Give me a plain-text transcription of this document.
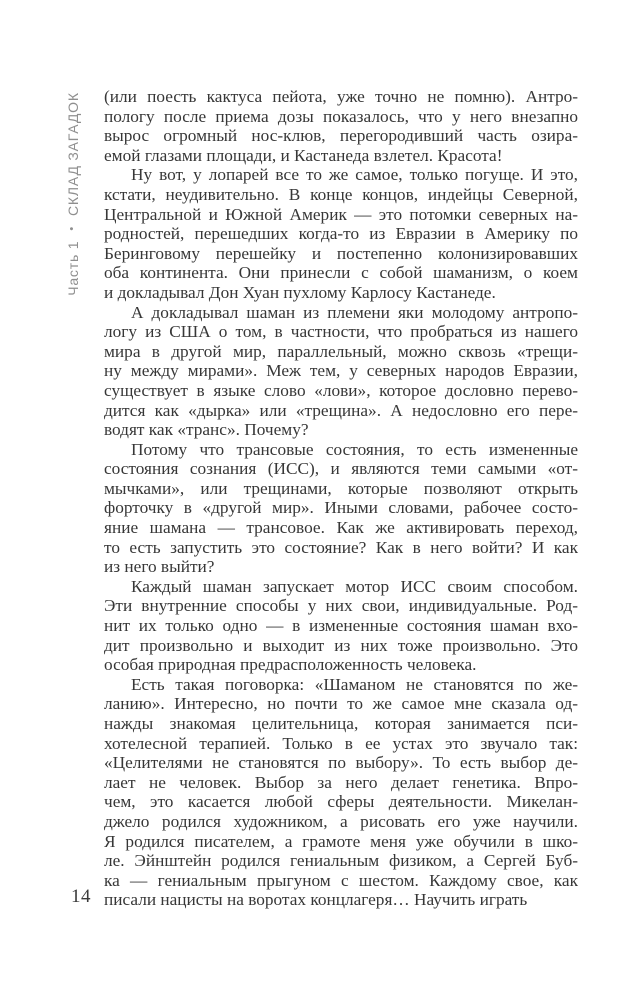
Часть 1
•
СКЛАД ЗАГАДОК
14

(или поесть кактуса пейота, уже точно не помню). Антро-
пологу после приема дозы показалось, что у него внезапно
вырос огромный нос-клюв, перегородивший часть озира-
емой глазами площади, и Кастанеда взлетел. Красота!

Ну вот, у лопарей все то же самое, только погуще. И это,
кстати, неудивительно. В конце концов, индейцы Северной,
Центральной и Южной Америк — это потомки северных на-
родностей, перешедших когда-то из Евразии в Америку по
Беринговому перешейку и постепенно колонизировавших
оба континента. Они принесли с собой шаманизм, о коем
и докладывал Дон Хуан пухлому Карлосу Кастанеде.

А докладывал шаман из племени яки молодому антропо-
логу из США о том, в частности, что пробраться из нашего
мира в другой мир, параллельный, можно сквозь «трещи-
ну между мирами». Меж тем, у северных народов Евразии,
существует в языке слово «лови», которое дословно перево-
дится как «дырка» или «трещина». А недословно его пере-
водят как «транс». Почему?

Потому что трансовые состояния, то есть измененные
состояния сознания (ИСС), и являются теми самыми «от-
мычками», или трещинами, которые позволяют открыть
форточку в «другой мир». Иными словами, рабочее состо-
яние шамана — трансовое. Как же активировать переход,
то есть запустить это состояние? Как в него войти? И как
из него выйти?

Каждый шаман запускает мотор ИСС своим способом.
Эти внутренние способы у них свои, индивидуальные. Род-
нит их только одно — в измененные состояния шаман вхо-
дит произвольно и выходит из них тоже произвольно. Это
особая природная предрасположенность человека.

Есть такая поговорка: «Шаманом не становятся по же-
ланию». Интересно, но почти то же самое мне сказала од-
нажды знакомая целительница, которая занимается пси-
хотелесной терапией. Только в ее устах это звучало так:
«Целителями не становятся по выбору». То есть выбор де-
лает не человек. Выбор за него делает генетика. Впро-
чем, это касается любой сферы деятельности. Микелан-
джело родился художником, а рисовать его уже научили.
Я родился писателем, а грамоте меня уже обучили в шко-
ле. Эйнштейн родился гениальным физиком, а Сергей Буб-
ка — гениальным прыгуном с шестом. Каждому свое, как
писали нацисты на воротах концлагеря… Научить играть
